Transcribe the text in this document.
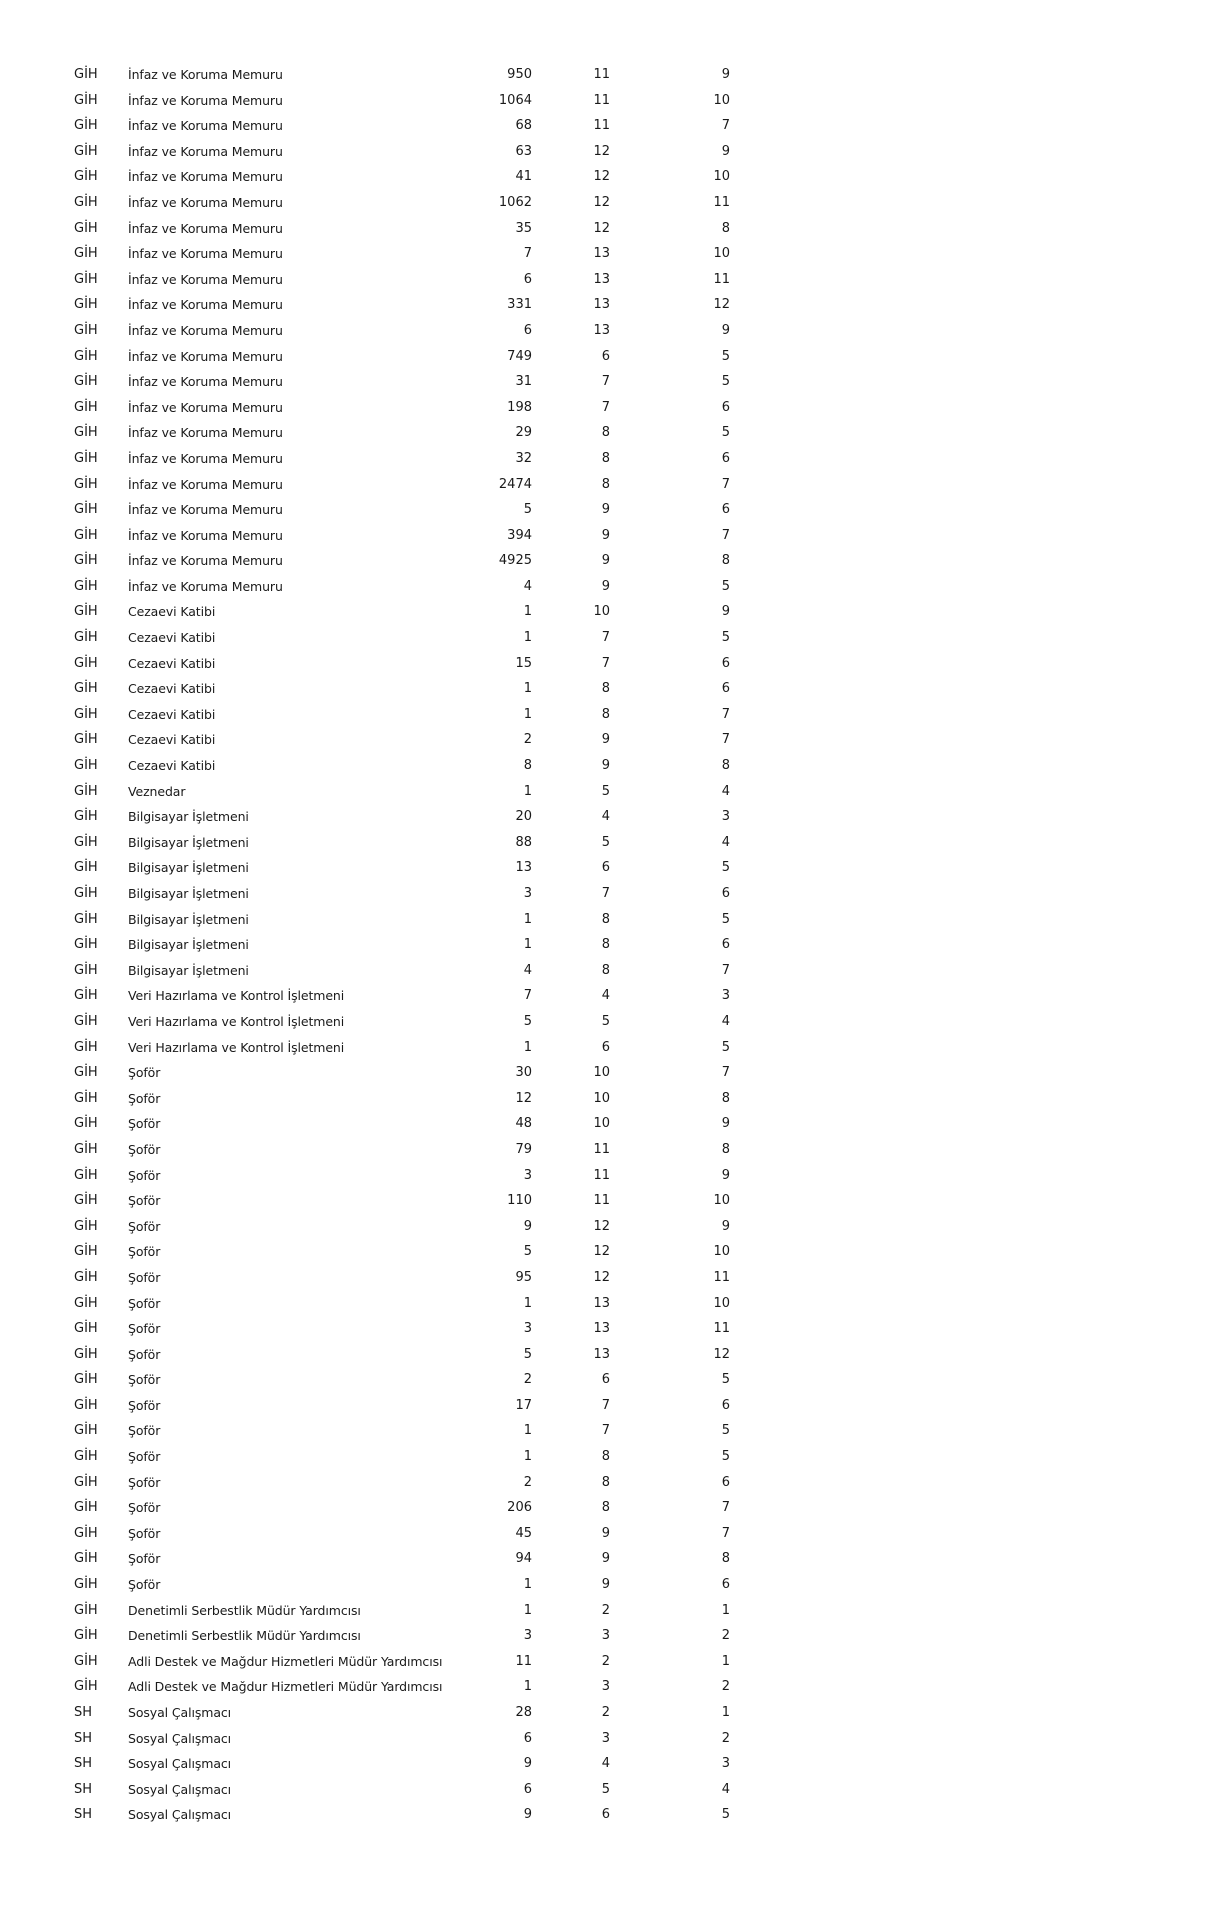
GİH	İnfaz ve Koruma Memuru	950	11	9
GİH	İnfaz ve Koruma Memuru	1064	11	10
GİH	İnfaz ve Koruma Memuru	68	11	7
GİH	İnfaz ve Koruma Memuru	63	12	9
GİH	İnfaz ve Koruma Memuru	41	12	10
GİH	İnfaz ve Koruma Memuru	1062	12	11
GİH	İnfaz ve Koruma Memuru	35	12	8
GİH	İnfaz ve Koruma Memuru	7	13	10
GİH	İnfaz ve Koruma Memuru	6	13	11
GİH	İnfaz ve Koruma Memuru	331	13	12
GİH	İnfaz ve Koruma Memuru	6	13	9
GİH	İnfaz ve Koruma Memuru	749	6	5
GİH	İnfaz ve Koruma Memuru	31	7	5
GİH	İnfaz ve Koruma Memuru	198	7	6
GİH	İnfaz ve Koruma Memuru	29	8	5
GİH	İnfaz ve Koruma Memuru	32	8	6
GİH	İnfaz ve Koruma Memuru	2474	8	7
GİH	İnfaz ve Koruma Memuru	5	9	6
GİH	İnfaz ve Koruma Memuru	394	9	7
GİH	İnfaz ve Koruma Memuru	4925	9	8
GİH	İnfaz ve Koruma Memuru	4	9	5
GİH	Cezaevi Katibi	1	10	9
GİH	Cezaevi Katibi	1	7	5
GİH	Cezaevi Katibi	15	7	6
GİH	Cezaevi Katibi	1	8	6
GİH	Cezaevi Katibi	1	8	7
GİH	Cezaevi Katibi	2	9	7
GİH	Cezaevi Katibi	8	9	8
GİH	Veznedar	1	5	4
GİH	Bilgisayar İşletmeni	20	4	3
GİH	Bilgisayar İşletmeni	88	5	4
GİH	Bilgisayar İşletmeni	13	6	5
GİH	Bilgisayar İşletmeni	3	7	6
GİH	Bilgisayar İşletmeni	1	8	5
GİH	Bilgisayar İşletmeni	1	8	6
GİH	Bilgisayar İşletmeni	4	8	7
GİH	Veri Hazırlama ve Kontrol İşletmeni	7	4	3
GİH	Veri Hazırlama ve Kontrol İşletmeni	5	5	4
GİH	Veri Hazırlama ve Kontrol İşletmeni	1	6	5
GİH	Şoför	30	10	7
GİH	Şoför	12	10	8
GİH	Şoför	48	10	9
GİH	Şoför	79	11	8
GİH	Şoför	3	11	9
GİH	Şoför	110	11	10
GİH	Şoför	9	12	9
GİH	Şoför	5	12	10
GİH	Şoför	95	12	11
GİH	Şoför	1	13	10
GİH	Şoför	3	13	11
GİH	Şoför	5	13	12
GİH	Şoför	2	6	5
GİH	Şoför	17	7	6
GİH	Şoför	1	7	5
GİH	Şoför	1	8	5
GİH	Şoför	2	8	6
GİH	Şoför	206	8	7
GİH	Şoför	45	9	7
GİH	Şoför	94	9	8
GİH	Şoför	1	9	6
GİH	Denetimli Serbestlik Müdür Yardımcısı	1	2	1
GİH	Denetimli Serbestlik Müdür Yardımcısı	3	3	2
GİH	Adli Destek ve Mağdur Hizmetleri Müdür Yardımcısı	11	2	1
GİH	Adli Destek ve Mağdur Hizmetleri Müdür Yardımcısı	1	3	2
SH	Sosyal Çalışmacı	28	2	1
SH	Sosyal Çalışmacı	6	3	2
SH	Sosyal Çalışmacı	9	4	3
SH	Sosyal Çalışmacı	6	5	4
SH	Sosyal Çalışmacı	9	6	5
